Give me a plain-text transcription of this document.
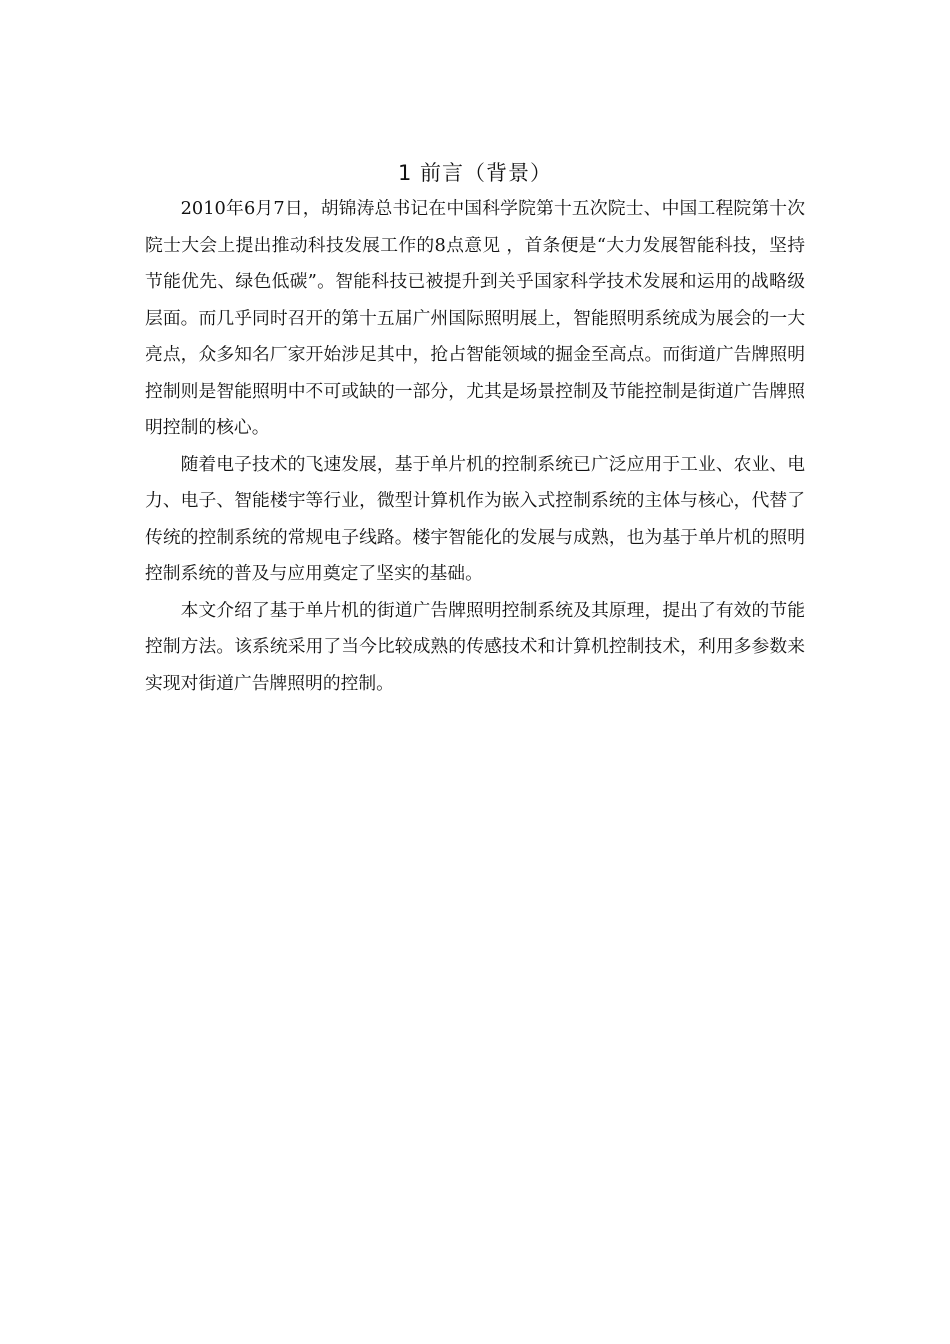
1 前言（背景）

2010年6月7日，胡锦涛总书记在中国科学院第十五次院士、中国工程院第十次院士大会上提出推动科技发展工作的8点意见 ，首条便是“大力发展智能科技，坚持节能优先、绿色低碳”。智能科技已被提升到关乎国家科学技术发展和运用的战略级层面。而几乎同时召开的第十五届广州国际照明展上，智能照明系统成为展会的一大亮点，众多知名厂家开始涉足其中，抢占智能领域的掘金至高点。而街道广告牌照明控制则是智能照明中不可或缺的一部分，尤其是场景控制及节能控制是街道广告牌照明控制的核心。

随着电子技术的飞速发展，基于单片机的控制系统已广泛应用于工业、农业、电力、电子、智能楼宇等行业，微型计算机作为嵌入式控制系统的主体与核心，代替了传统的控制系统的常规电子线路。楼宇智能化的发展与成熟，也为基于单片机的照明控制系统的普及与应用奠定了坚实的基础。

本文介绍了基于单片机的街道广告牌照明控制系统及其原理，提出了有效的节能控制方法。该系统采用了当今比较成熟的传感技术和计算机控制技术，利用多参数来实现对街道广告牌照明的控制。
